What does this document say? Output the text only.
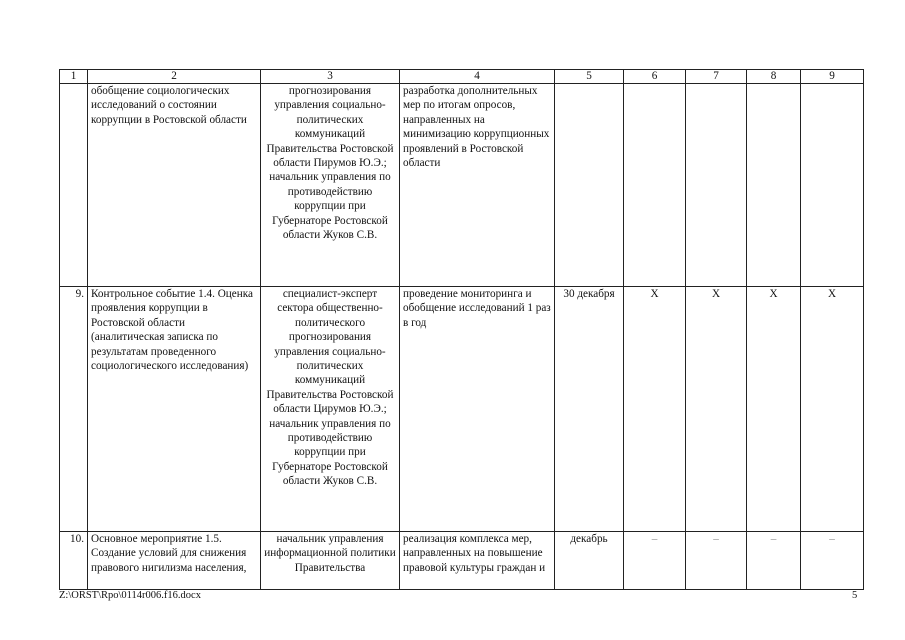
1	2	3	4	5	6	7	8	9
	обобщение социологических исследований о состоянии коррупции в Ростовской области	прогнозирования управления социально-политических коммуникаций Правительства Ростовской области Пирумов Ю.Э.; начальник управления по противодействию коррупции при Губернаторе Ростовской области Жуков С.В.	разработка дополнительных мер по итогам опросов, направленных на минимизацию коррупционных проявлений в Ростовской области					
9.	Контрольное событие 1.4. Оценка проявления коррупции в Ростовской области (аналитическая записка по результатам проведенного социологического исследования)	специалист-эксперт сектора общественно-политического прогнозирования управления социально-политических коммуникаций Правительства Ростовской области Цирумов Ю.Э.; начальник управления по противодействию коррупции при Губернаторе Ростовской области Жуков С.В.	проведение мониторинга и обобщение исследований 1 раз в год	30 декабря	Х	Х	Х	Х
10.	Основное мероприятие 1.5. Создание условий для снижения правового нигилизма населения,	начальник управления информационной политики Правительства	реализация комплекса мер, направленных на повышение правовой культуры граждан и	декабрь	–	–	–	–
Z:\ORST\Rpo\0114r006.f16.docx	5
